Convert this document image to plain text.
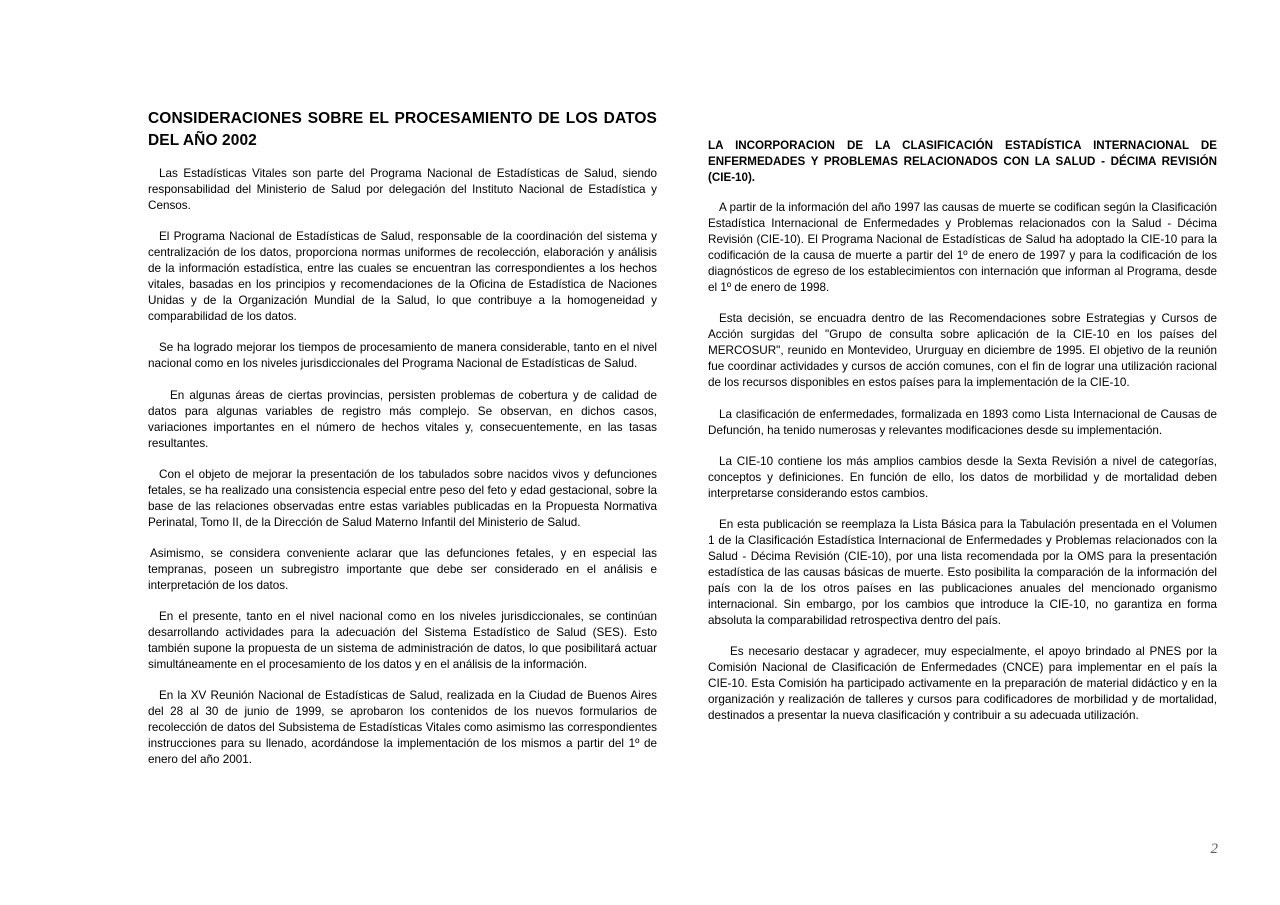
CONSIDERACIONES SOBRE EL PROCESAMIENTO DE LOS DATOS DEL AÑO 2002

Las Estadísticas Vitales son parte del Programa Nacional de Estadísticas de Salud, siendo responsabilidad del Ministerio de Salud por delegación del Instituto Nacional de Estadística y Censos.

El Programa Nacional de Estadísticas de Salud, responsable de la coordinación del sistema y centralización de los datos, proporciona normas uniformes de recolección, elaboración y análisis de la información estadística, entre las cuales se encuentran las correspondientes a los hechos vitales, basadas en los principios y recomendaciones de la Oficina de Estadística de Naciones Unidas y de la Organización Mundial de la Salud, lo que contribuye a la homogeneidad y comparabilidad de los datos.

Se ha logrado mejorar los tiempos de procesamiento de manera considerable, tanto en el nivel nacional como en los niveles jurisdiccionales del Programa Nacional de Estadísticas de Salud.

En algunas áreas de ciertas provincias, persisten problemas de cobertura y de calidad de datos para algunas variables de registro más complejo. Se observan, en dichos casos, variaciones importantes en el número de hechos vitales y, consecuentemente, en las tasas resultantes.

Con el objeto de mejorar la presentación de los tabulados sobre nacidos vivos y defunciones fetales, se ha realizado una consistencia especial entre peso del feto y edad gestacional, sobre la base de las relaciones observadas entre estas variables publicadas en la Propuesta Normativa Perinatal, Tomo II, de la Dirección de Salud Materno Infantil del Ministerio de Salud.

Asimismo, se considera conveniente aclarar que las defunciones fetales, y en especial las tempranas, poseen un subregistro importante que debe ser considerado en el análisis e interpretación de los datos.

En el presente, tanto en el nivel nacional como en los niveles jurisdiccionales, se continúan desarrollando actividades para la adecuación del Sistema Estadístico de Salud (SES). Esto también supone la propuesta de un sistema de administración de datos, lo que posibilitará actuar simultáneamente en el procesamiento de los datos y en el análisis de la información.

En la XV Reunión Nacional de Estadísticas de Salud, realizada en la Ciudad de Buenos Aires del 28 al 30 de junio de 1999, se aprobaron los contenidos de los nuevos formularios de recolección de datos del Subsistema de Estadísticas Vitales como asimismo las correspondientes instrucciones para su llenado, acordándose la implementación de los mismos a partir del 1º de enero del año 2001.

LA INCORPORACION DE LA CLASIFICACIÓN ESTADÍSTICA INTERNACIONAL DE ENFERMEDADES Y PROBLEMAS RELACIONADOS CON LA SALUD - DÉCIMA REVISIÓN (CIE-10).

A partir de la información del año 1997 las causas de muerte se codifican según la Clasificación Estadística Internacional de Enfermedades y Problemas relacionados con la Salud - Décima Revisión (CIE-10). El Programa Nacional de Estadísticas de Salud ha adoptado la CIE-10 para la codificación de la causa de muerte a partir del 1º de enero de 1997 y para la codificación de los diagnósticos de egreso de los establecimientos con internación que informan al Programa, desde el 1º de enero de 1998.

Esta decisión, se encuadra dentro de las Recomendaciones sobre Estrategias y Cursos de Acción surgidas del "Grupo de consulta sobre aplicación de la CIE-10 en los países del MERCOSUR", reunido en Montevideo, Ururguay en diciembre de 1995. El objetivo de la reunión fue coordinar actividades y cursos de acción comunes, con el fin de lograr una utilización racional de los recursos disponibles en estos países para la implementación de la CIE-10.

La clasificación de enfermedades, formalizada en 1893 como Lista Internacional de Causas de Defunción, ha tenido numerosas y relevantes modificaciones desde su implementación.

La CIE-10 contiene los más amplios cambios desde la Sexta Revisión a nivel de categorías, conceptos y definiciones. En función de ello, los datos de morbilidad y de mortalidad deben interpretarse considerando estos cambios.

En esta publicación se reemplaza la Lista Básica para la Tabulación presentada en el Volumen 1 de la Clasificación Estadística Internacional de Enfermedades y Problemas relacionados con la Salud - Décima Revisión (CIE-10), por una lista recomendada por la OMS para la presentación estadística de las causas básicas de muerte. Esto posibilita la comparación de la información del país con la de los otros países en las publicaciones anuales del mencionado organismo internacional. Sin embargo, por los cambios que introduce la CIE-10, no garantiza en forma absoluta la comparabilidad retrospectiva dentro del país.

Es necesario destacar y agradecer, muy especialmente, el apoyo brindado al PNES por la Comisión Nacional de Clasificación de Enfermedades (CNCE) para implementar en el país la CIE-10. Esta Comisión ha participado activamente en la preparación de material didáctico y en la organización y realización de talleres y cursos para codificadores de morbilidad y de mortalidad, destinados a presentar la nueva clasificación y contribuir a su adecuada utilización.

2
